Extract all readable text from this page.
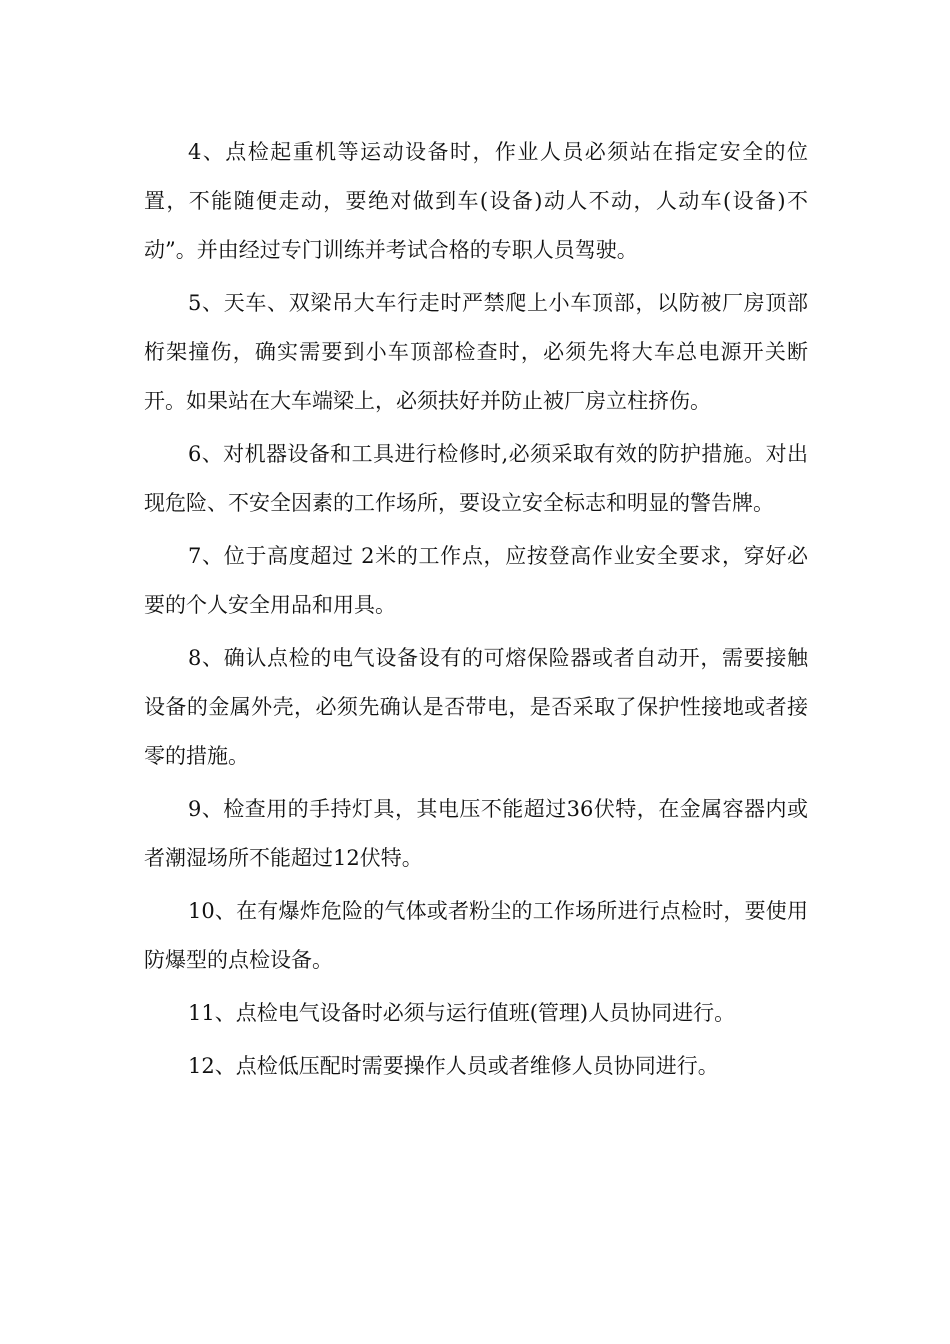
4、点检起重机等运动设备时，作业人员必须站在指定安全的位置，不能随便走动，要绝对做到车(设备)动人不动，人动车(设备)不动”。并由经过专门训练并考试合格的专职人员驾驶。

5、天车、双梁吊大车行走时严禁爬上小车顶部，以防被厂房顶部桁架撞伤，确实需要到小车顶部检查时，必须先将大车总电源开关断开。如果站在大车端梁上，必须扶好并防止被厂房立柱挤伤。

6、对机器设备和工具进行检修时,必须采取有效的防护措施。对出现危险、不安全因素的工作场所，要设立安全标志和明显的警告牌。

7、位于高度超过 2米的工作点，应按登高作业安全要求，穿好必要的个人安全用品和用具。

8、确认点检的电气设备设有的可熔保险器或者自动开，需要接触设备的金属外壳，必须先确认是否带电，是否采取了保护性接地或者接零的措施。

9、检查用的手持灯具，其电压不能超过36伏特，在金属容器内或者潮湿场所不能超过12伏特。

10、在有爆炸危险的气体或者粉尘的工作场所进行点检时，要使用防爆型的点检设备。

11、点检电气设备时必须与运行值班(管理)人员协同进行。

12、点检低压配时需要操作人员或者维修人员协同进行。
